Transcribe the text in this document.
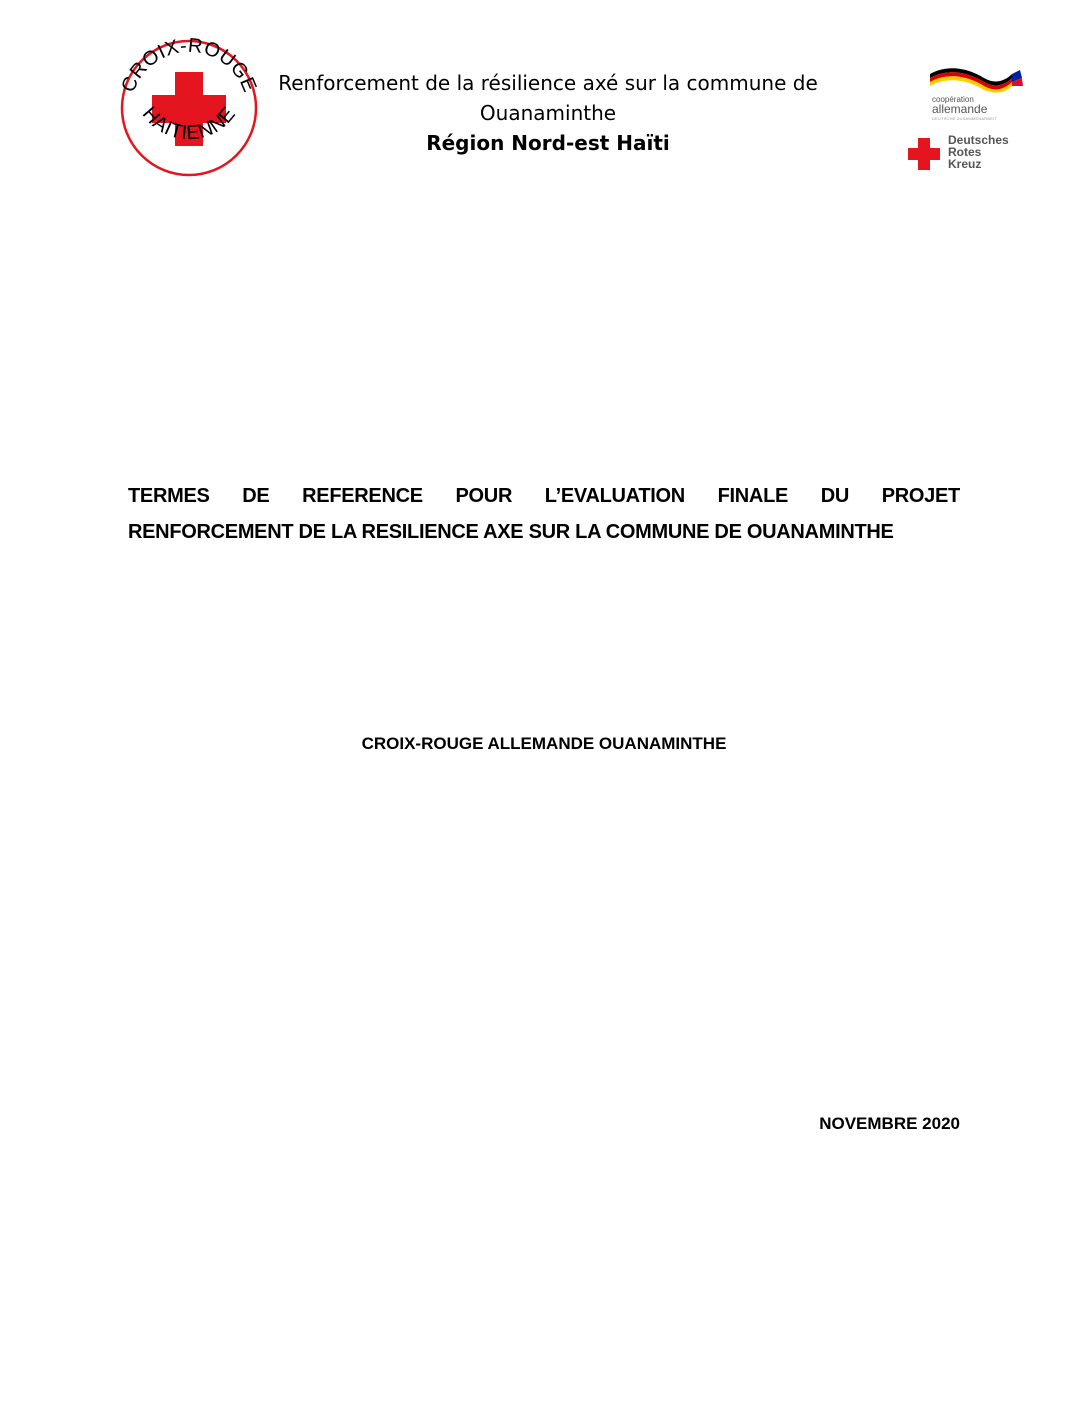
CROIX-ROUGE
HAITIENNE
Renforcement de la résilience axé sur la commune de
Ouanaminthe
Région Nord-est Haïti
coopération
allemande
DEUTSCHE ZUSAMMENARBEIT
Deutsches
Rotes
Kreuz
TERMES DE REFERENCE POUR L’EVALUATION FINALE DU PROJET
RENFORCEMENT DE LA RESILIENCE AXE SUR LA COMMUNE DE OUANAMINTHE
CROIX-ROUGE ALLEMANDE OUANAMINTHE
NOVEMBRE 2020
